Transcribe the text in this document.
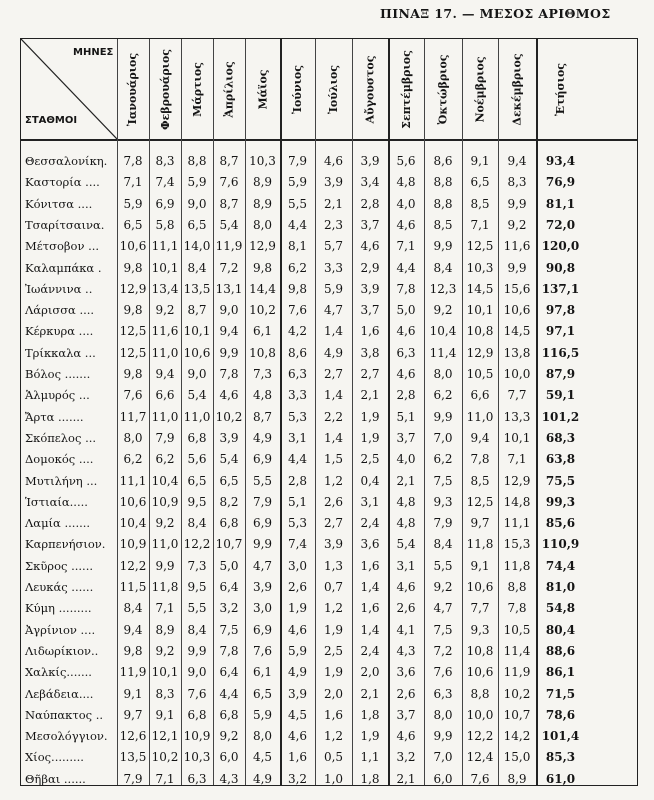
ΠΙΝΑΞ 17. — ΜΕΣΟΣ ΑΡΙΘΜΟΣ
ΜΗΝΕΣ
ΣΤΑΘΜΟΙ	Ἰανουάριος Φεβρουάριος Μάρτιος Ἀπρίλιος Μάϊος Ἰούνιος Ἰούλιος Αὔγουστος Σεπτέμβριος Ὀκτώβριος Νοέμβριος Δεκέμβριος	Ἐτήσιος
Θεσσαλονίκη.	7,8	8,3	8,8	8,7 10,3	7,9	4,6	3,9	5,6	8,6	9,1	9,4	93,4
Καστορία ....	7,1	7,4	5,9	7,6	8,9	5,9	3,9	3,4	4,8	8,8	6,5	8,3	76,9
Κόνιτσα ....	5,9	6,9	9,0	8,7	8,9	5,5	2,1	2,8	4,0	8,8	8,5	9,9	81,1
Τσαρίτσαινα.	6,5	5,8	6,5	5,4	8,0	4,4	2,3	3,7	4,6	8,5	7,1	9,2	72,0
Μέτσοβον ... 10,6 11,1 14,0 11,9 12,9	8,1	5,7	4,6	7,1	9,9	12,5 11,6 120,0
Καλαμπάκα .	9,8 10,1 8,4	7,2	9,8	6,2	3,3	2,9	4,4	8,4	10,3	9,9	90,8
Ἰωάννινα .. 12,9 13,4 13,5 13,1 14,4	9,8	5,9	3,9	7,8	12,3 14,5 15,6 137,1
Λάρισσα ....	9,8	9,2	8,7	9,0 10,2	7,6	4,7	3,7	5,0	9,2	10,1 10,6	97,8
Κέρκυρα .... 12,5 11,6 10,1 9,4	6,1	4,2	1,4	1,6	4,6	10,4 10,8 14,5	97,1
Τρίκκαλα ... 12,5 11,0 10,6 9,9 10,8	8,6	4,9	3,8	6,3	11,4 12,9 13,8 116,5
Βόλος .......	9,8	9,4	9,0	7,8	7,3	6,3	2,7	2,7	4,6	8,0	10,5 10,0	87,9
Ἁλμυρός ...	7,6	6,6	5,4	4,6	4,8	3,3	1,4	2,1	2,8	6,2	6,6	7,7	59,1
Ἄρτα .......	11,7 11,0 11,0 10,2 8,7	5,3	2,2	1,9	5,1	9,9	11,0 13,3 101,2
Σκόπελος ...	8,0	7,9	6,8	3,9	4,9	3,1	1,4	1,9	3,7	7,0	9,4	10,1	68,3
Δομοκός ....	6,2	6,2	5,6	5,4	6,9	4,4	1,5	2,5	4,0	6,2	7,8	7,1	63,8
Μυτιλήνη ... 11,1 10,4 6,5	6,5	5,5	2,8	1,2	0,4	2,1	7,5	8,5	12,9	75,5
Ἱστιαία.....	10,6 10,9 9,5	8,2	7,9	5,1	2,6	3,1	4,8	9,3	12,5 14,8	99,3
Λαμία ....... 10,4 9,2	8,4	6,8	6,9	5,3	2,7	2,4	4,8	7,9	9,7	11,1	85,6
Καρπενήσιον. 10,9 11,0 12,2 10,7 9,9	7,4	3,9	3,6	5,4	8,4	11,8 15,3 110,9
Σκῦρος ...... 12,2 9,9	7,3	5,0	4,7	3,0	1,3	1,6	3,1	5,5	9,1	11,8	74,4
Λευκάς ...... 11,5 11,8 9,5	6,4	3,9	2,6	0,7	1,4	4,6	9,2	10,6	8,8	81,0
Κύμη .........	8,4	7,1	5,5	3,2	3,0	1,9	1,2	1,6	2,6	4,7	7,7	7,8	54,8
Ἀγρίνιον ....	9,4	8,9	8,4	7,5	6,9	4,6	1,9	1,4	4,1	7,5	9,3	10,5	80,4
Λιδωρίκιον..	9,8	9,2	9,9	7,8	7,6	5,9	2,5	2,4	4,3	7,2	10,8 11,4	88,6
Χαλκίς....... 11,9 10,1 9,0	6,4	6,1	4,9	1,9	2,0	3,6	7,6	10,6 11,9	86,1
Λεβάδεια....	9,1	8,3	7,6	4,4	6,5	3,9	2,0	2,1	2,6	6,3	8,8	10,2	71,5
Ναύπακτος ..	9,7	9,1	6,8	6,8	5,9	4,5	1,6	1,8	3,7	8,0	10,0 10,7	78,6
Μεσολόγγιον. 12,6 12,1 10,9 9,2	8,0	4,6	1,2	1,9	4,6	9,9	12,2 14,2 101,4
Χίος.........	13,5 10,2 10,3 6,0	4,5	1,6	0,5	1,1	3,2	7,0	12,4 15,0	85,3
Θῆβαι ......	7,9	7,1	6,3	4,3	4,9	3,2	1,0	1,8	2,1	6,0	7,6	8,9	61,0
